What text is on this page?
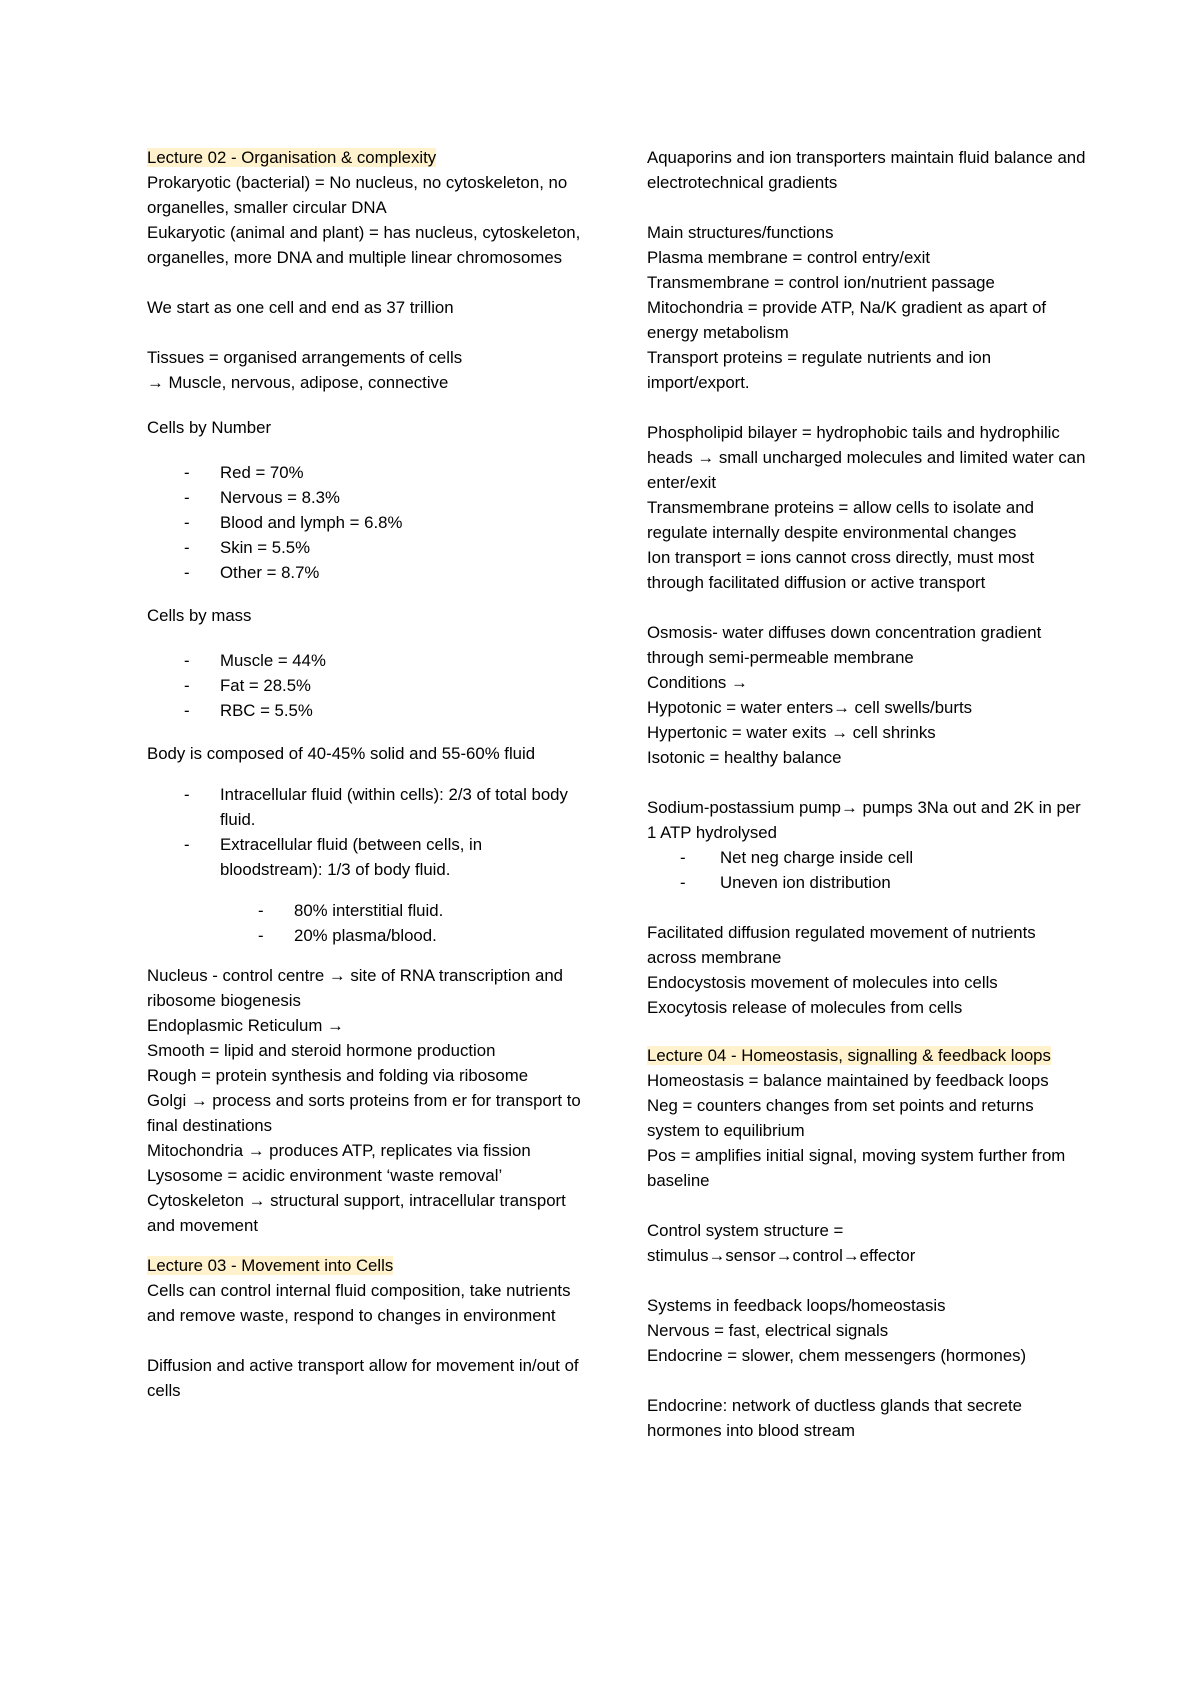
Lecture 02 - Organisation & complexity

Prokaryotic (bacterial) = No nucleus, no cytoskeleton, no organelles, smaller circular DNA

Eukaryotic (animal and plant) = has nucleus, cytoskeleton, organelles, more DNA and multiple linear chromosomes

We start as one cell and end as 37 trillion

Tissues = organised arrangements of cells

→ Muscle, nervous, adipose, connective

Cells by Number

- Red = 70%
- Nervous = 8.3%
- Blood and lymph = 6.8%
- Skin = 5.5%
- Other = 8.7%

Cells by mass

- Muscle = 44%
- Fat = 28.5%
- RBC = 5.5%

Body is composed of 40-45% solid and 55-60% fluid

- Intracellular fluid (within cells): 2/3 of total body fluid.
- Extracellular fluid (between cells, in bloodstream): 1/3 of body fluid.
- 80% interstitial fluid.
- 20% plasma/blood.

Nucleus - control centre → site of RNA transcription and ribosome biogenesis

Endoplasmic Reticulum →

Smooth = lipid and steroid hormone production

Rough = protein synthesis and folding via ribosome

Golgi → process and sorts proteins from er for transport to final destinations

Mitochondria → produces ATP, replicates via fission

Lysosome = acidic environment ‘waste removal’

Cytoskeleton → structural support, intracellular transport and movement

Lecture 03 - Movement into Cells

Cells can control internal fluid composition, take nutrients and remove waste, respond to changes in environment

Diffusion and active transport allow for movement in/out of cells

Aquaporins and ion transporters maintain fluid balance and electrotechnical gradients

Main structures/functions

Plasma membrane = control entry/exit

Transmembrane = control ion/nutrient passage

Mitochondria = provide ATP, Na/K gradient as apart of energy metabolism

Transport proteins = regulate nutrients and ion import/export.

Phospholipid bilayer = hydrophobic tails and hydrophilic heads → small uncharged molecules and limited water can enter/exit

Transmembrane proteins = allow cells to isolate and regulate internally despite environmental changes

Ion transport = ions cannot cross directly, must most through facilitated diffusion or active transport

Osmosis- water diffuses down concentration gradient through semi-permeable membrane

Conditions →

Hypotonic = water enters→ cell swells/burts

Hypertonic = water exits → cell shrinks

Isotonic = healthy balance

Sodium-postassium pump→ pumps 3Na out and 2K in per 1 ATP hydrolysed

- Net neg charge inside cell
- Uneven ion distribution

Facilitated diffusion regulated movement of nutrients across membrane

Endocystosis movement of molecules into cells

Exocytosis release of molecules from cells

Lecture 04 - Homeostasis, signalling & feedback loops

Homeostasis = balance maintained by feedback loops

Neg = counters changes from set points and returns system to equilibrium

Pos = amplifies initial signal, moving system further from baseline

Control system structure =

stimulus→sensor→control→effector

Systems in feedback loops/homeostasis

Nervous = fast, electrical signals

Endocrine = slower, chem messengers (hormones)

Endocrine: network of ductless glands that secrete hormones into blood stream
